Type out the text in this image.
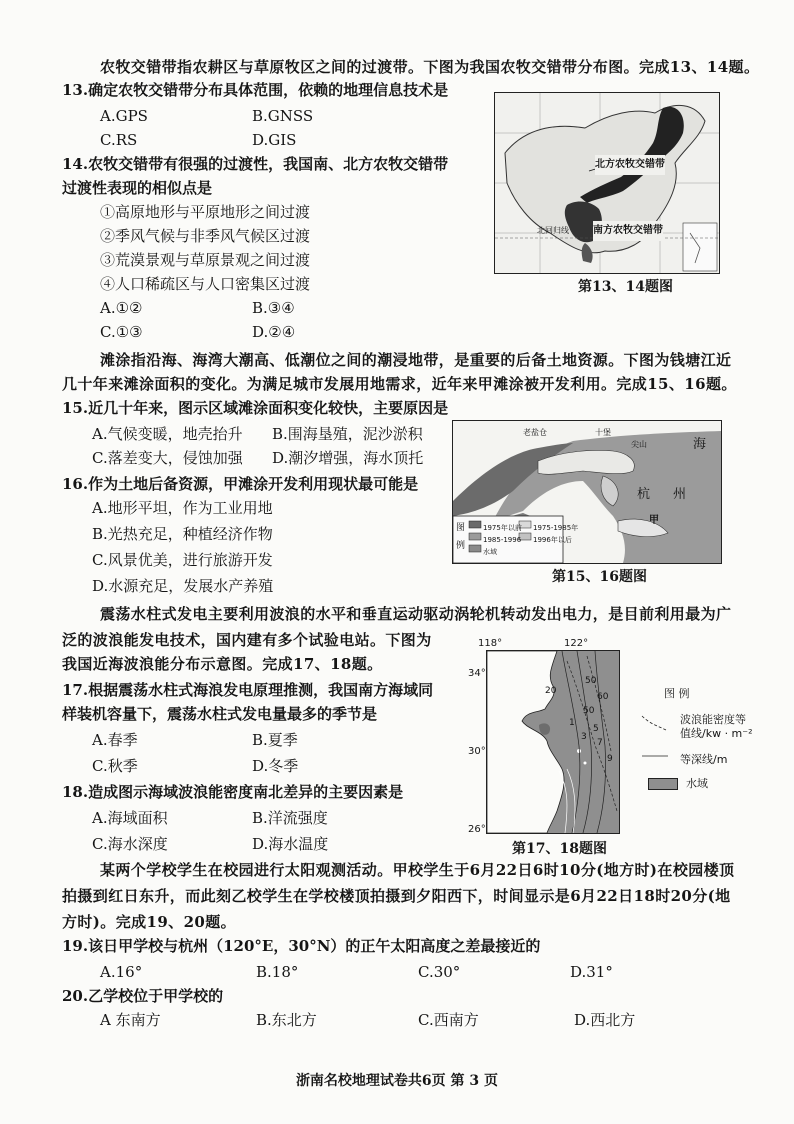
农牧交错带指农耕区与草原牧区之间的过渡带。下图为我国农牧交错带分布图。完成13、14题。
13.确定农牧交错带分布具体范围，依赖的地理信息技术是
A.GPS	B.GNSS
C.RS	D.GIS
14.农牧交错带有很强的过渡性，我国南、北方农牧交错带
过渡性表现的相似点是
①高原地形与平原地形之间过渡
②季风气候与非季风气候区过渡
③荒漠景观与草原景观之间过渡
④人口稀疏区与人口密集区过渡
A.①②	B.③④
C.①③	D.②④
北方农牧交错带
南方农牧交错带
北回归线
第13、14题图
滩涂指沿海、海湾大潮高、低潮位之间的潮浸地带，是重要的后备土地资源。下图为钱塘江近
几十年来滩涂面积的变化。为满足城市发展用地需求，近年来甲滩涂被开发利用。完成15、16题。
15.近几十年来，图示区域滩涂面积变化较快，主要原因是
A.气候变暖，地壳抬升 B.围海垦殖，泥沙淤积
C.落差变大，侵蚀加强 D.潮汐增强，海水顶托
16.作为土地后备资源，甲滩涂开发利用现状最可能是
A.地形平坦，作为工业用地
B.光热充足，种植经济作物
C.风景优美，进行旅游开发
D.水源充足，发展水产养殖
老盐仓	十堡
尖山	海
杭 州
甲
图例
1975年以前 1975-1985年
1985-1996 1996年以后
水域
第15、16题图
震荡水柱式发电主要利用波浪的水平和垂直运动驱动涡轮机转动发出电力，是目前利用最为广
泛的波浪能发电技术，国内建有多个试验电站。下图为
我国近海波浪能分布示意图。完成17、18题。
17.根据震荡水柱式海浪发电原理推测，我国南方海域同
样装机容量下，震荡水柱式发电量最多的季节是
A.春季	B.夏季
C.秋季	D.冬季
18.造成图示海域波浪能密度南北差异的主要因素是
A.海域面积	B.洋流强度
C.海水深度	D.海水温度
118°	122°
34°
30°
26°
20
50
60
1
50
3
5
7
9
图 例
波浪能密度等
值线/kw · m⁻²
等深线/m
水域
第17、18题图
某两个学校学生在校园进行太阳观测活动。甲校学生于6月22日6时10分(地方时)在校园楼顶
拍摄到红日东升，而此刻乙校学生在学校楼顶拍摄到夕阳西下，时间显示是6月22日18时20分(地
方时)。完成19、20题。
19.该日甲学校与杭州（120°E，30°N）的正午太阳高度之差最接近的
A.16°	B.18°	C.30°	D.31°
20.乙学校位于甲学校的
A 东南方	B.东北方	C.西南方	D.西北方
浙南名校地理试卷共6页 第 3 页
